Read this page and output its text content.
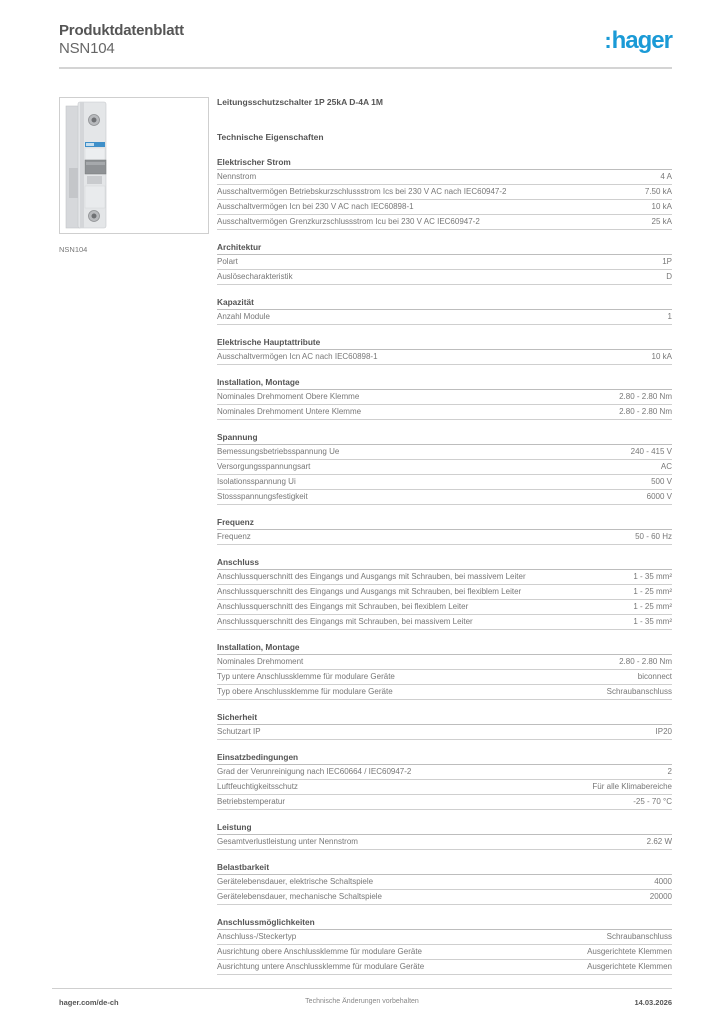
Produktdatenblatt
NSN104	:hager
NSN104
Leitungsschutzschalter 1P 25kA D-4A 1M
Technische Eigenschaften
Elektrischer Strom
Nennstrom	4 A
Ausschaltvermögen Betriebskurzschlussstrom Ics bei 230 V AC nach IEC60947-2	7.50 kA
Ausschaltvermögen Icn bei 230 V AC nach IEC60898-1	10 kA
Ausschaltvermögen Grenzkurzschlussstrom Icu bei 230 V AC IEC60947-2	25 kA
Architektur
Polart	1P
Auslösecharakteristik	D
Kapazität
Anzahl Module	1
Elektrische Hauptattribute
Ausschaltvermögen Icn AC nach IEC60898-1	10 kA
Installation, Montage
Nominales Drehmoment Obere Klemme	2.80 - 2.80 Nm
Nominales Drehmoment Untere Klemme	2.80 - 2.80 Nm
Spannung
Bemessungsbetriebsspannung Ue	240 - 415 V
Versorgungsspannungsart	AC
Isolationsspannung Ui	500 V
Stossspannungsfestigkeit	6000 V
Frequenz
Frequenz	50 - 60 Hz
Anschluss
Anschlussquerschnitt des Eingangs und Ausgangs mit Schrauben, bei massivem Leiter	1 - 35 mm²
Anschlussquerschnitt des Eingangs und Ausgangs mit Schrauben, bei flexiblem Leiter	1 - 25 mm²
Anschlussquerschnitt des Eingangs mit Schrauben, bei flexiblem Leiter	1 - 25 mm²
Anschlussquerschnitt des Eingangs mit Schrauben, bei massivem Leiter	1 - 35 mm²
Installation, Montage
Nominales Drehmoment	2.80 - 2.80 Nm
Typ untere Anschlussklemme für modulare Geräte	biconnect
Typ obere Anschlussklemme für modulare Geräte	Schraubanschluss
Sicherheit
Schutzart IP	IP20
Einsatzbedingungen
Grad der Verunreinigung nach IEC60664 / IEC60947-2	2
Luftfeuchtigkeitsschutz	Für alle Klimabereiche
Betriebstemperatur	-25 - 70 °C
Leistung
Gesamtverlustleistung unter Nennstrom	2.62 W
Belastbarkeit
Gerätelebensdauer, elektrische Schaltspiele	4000
Gerätelebensdauer, mechanische Schaltspiele	20000
Anschlussmöglichkeiten
Anschluss-/Steckertyp	Schraubanschluss
Ausrichtung obere Anschlussklemme für modulare Geräte	Ausgerichtete Klemmen
Ausrichtung untere Anschlussklemme für modulare Geräte	Ausgerichtete Klemmen
hager.com/de-ch	Technische Änderungen vorbehalten	14.03.2026
